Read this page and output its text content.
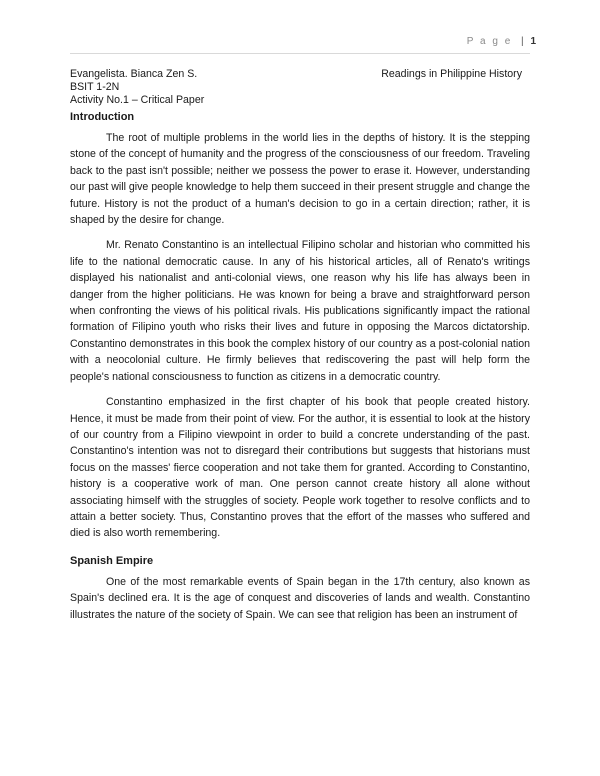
P a g e | 1
Evangelista. Bianca Zen S.	Readings in Philippine History
BSIT 1-2N
Activity No.1 – Critical Paper
Introduction

The root of multiple problems in the world lies in the depths of history. It is the stepping stone of the concept of humanity and the progress of the consciousness of our freedom. Traveling back to the past isn't possible; neither we possess the power to erase it. However, understanding our past will give people knowledge to help them succeed in their present struggle and change the future. History is not the product of a human's decision to go in a certain direction; rather, it is shaped by the desire for change.

Mr. Renato Constantino is an intellectual Filipino scholar and historian who committed his life to the national democratic cause. In any of his historical articles, all of Renato's writings displayed his nationalist and anti-colonial views, one reason why his life has always been in danger from the higher politicians. He was known for being a brave and straightforward person when confronting the views of his political rivals. His publications significantly impact the rational formation of Filipino youth who risks their lives and future in opposing the Marcos dictatorship. Constantino demonstrates in this book the complex history of our country as a post-colonial nation with a neocolonial culture. He firmly believes that rediscovering the past will help form the people's national consciousness to function as citizens in a democratic country.

Constantino emphasized in the first chapter of his book that people created history. Hence, it must be made from their point of view. For the author, it is essential to look at the history of our country from a Filipino viewpoint in order to build a concrete understanding of the past. Constantino's intention was not to disregard their contributions but suggests that historians must focus on the masses' fierce cooperation and not take them for granted. According to Constantino, history is a cooperative work of man. One person cannot create history all alone without associating himself with the struggles of society. People work together to resolve conflicts and to attain a better society. Thus, Constantino proves that the effort of the masses who suffered and died is also worth remembering.

Spanish Empire

One of the most remarkable events of Spain began in the 17th century, also known as Spain's declined era. It is the age of conquest and discoveries of lands and wealth. Constantino illustrates the nature of the society of Spain. We can see that religion has been an instrument of
